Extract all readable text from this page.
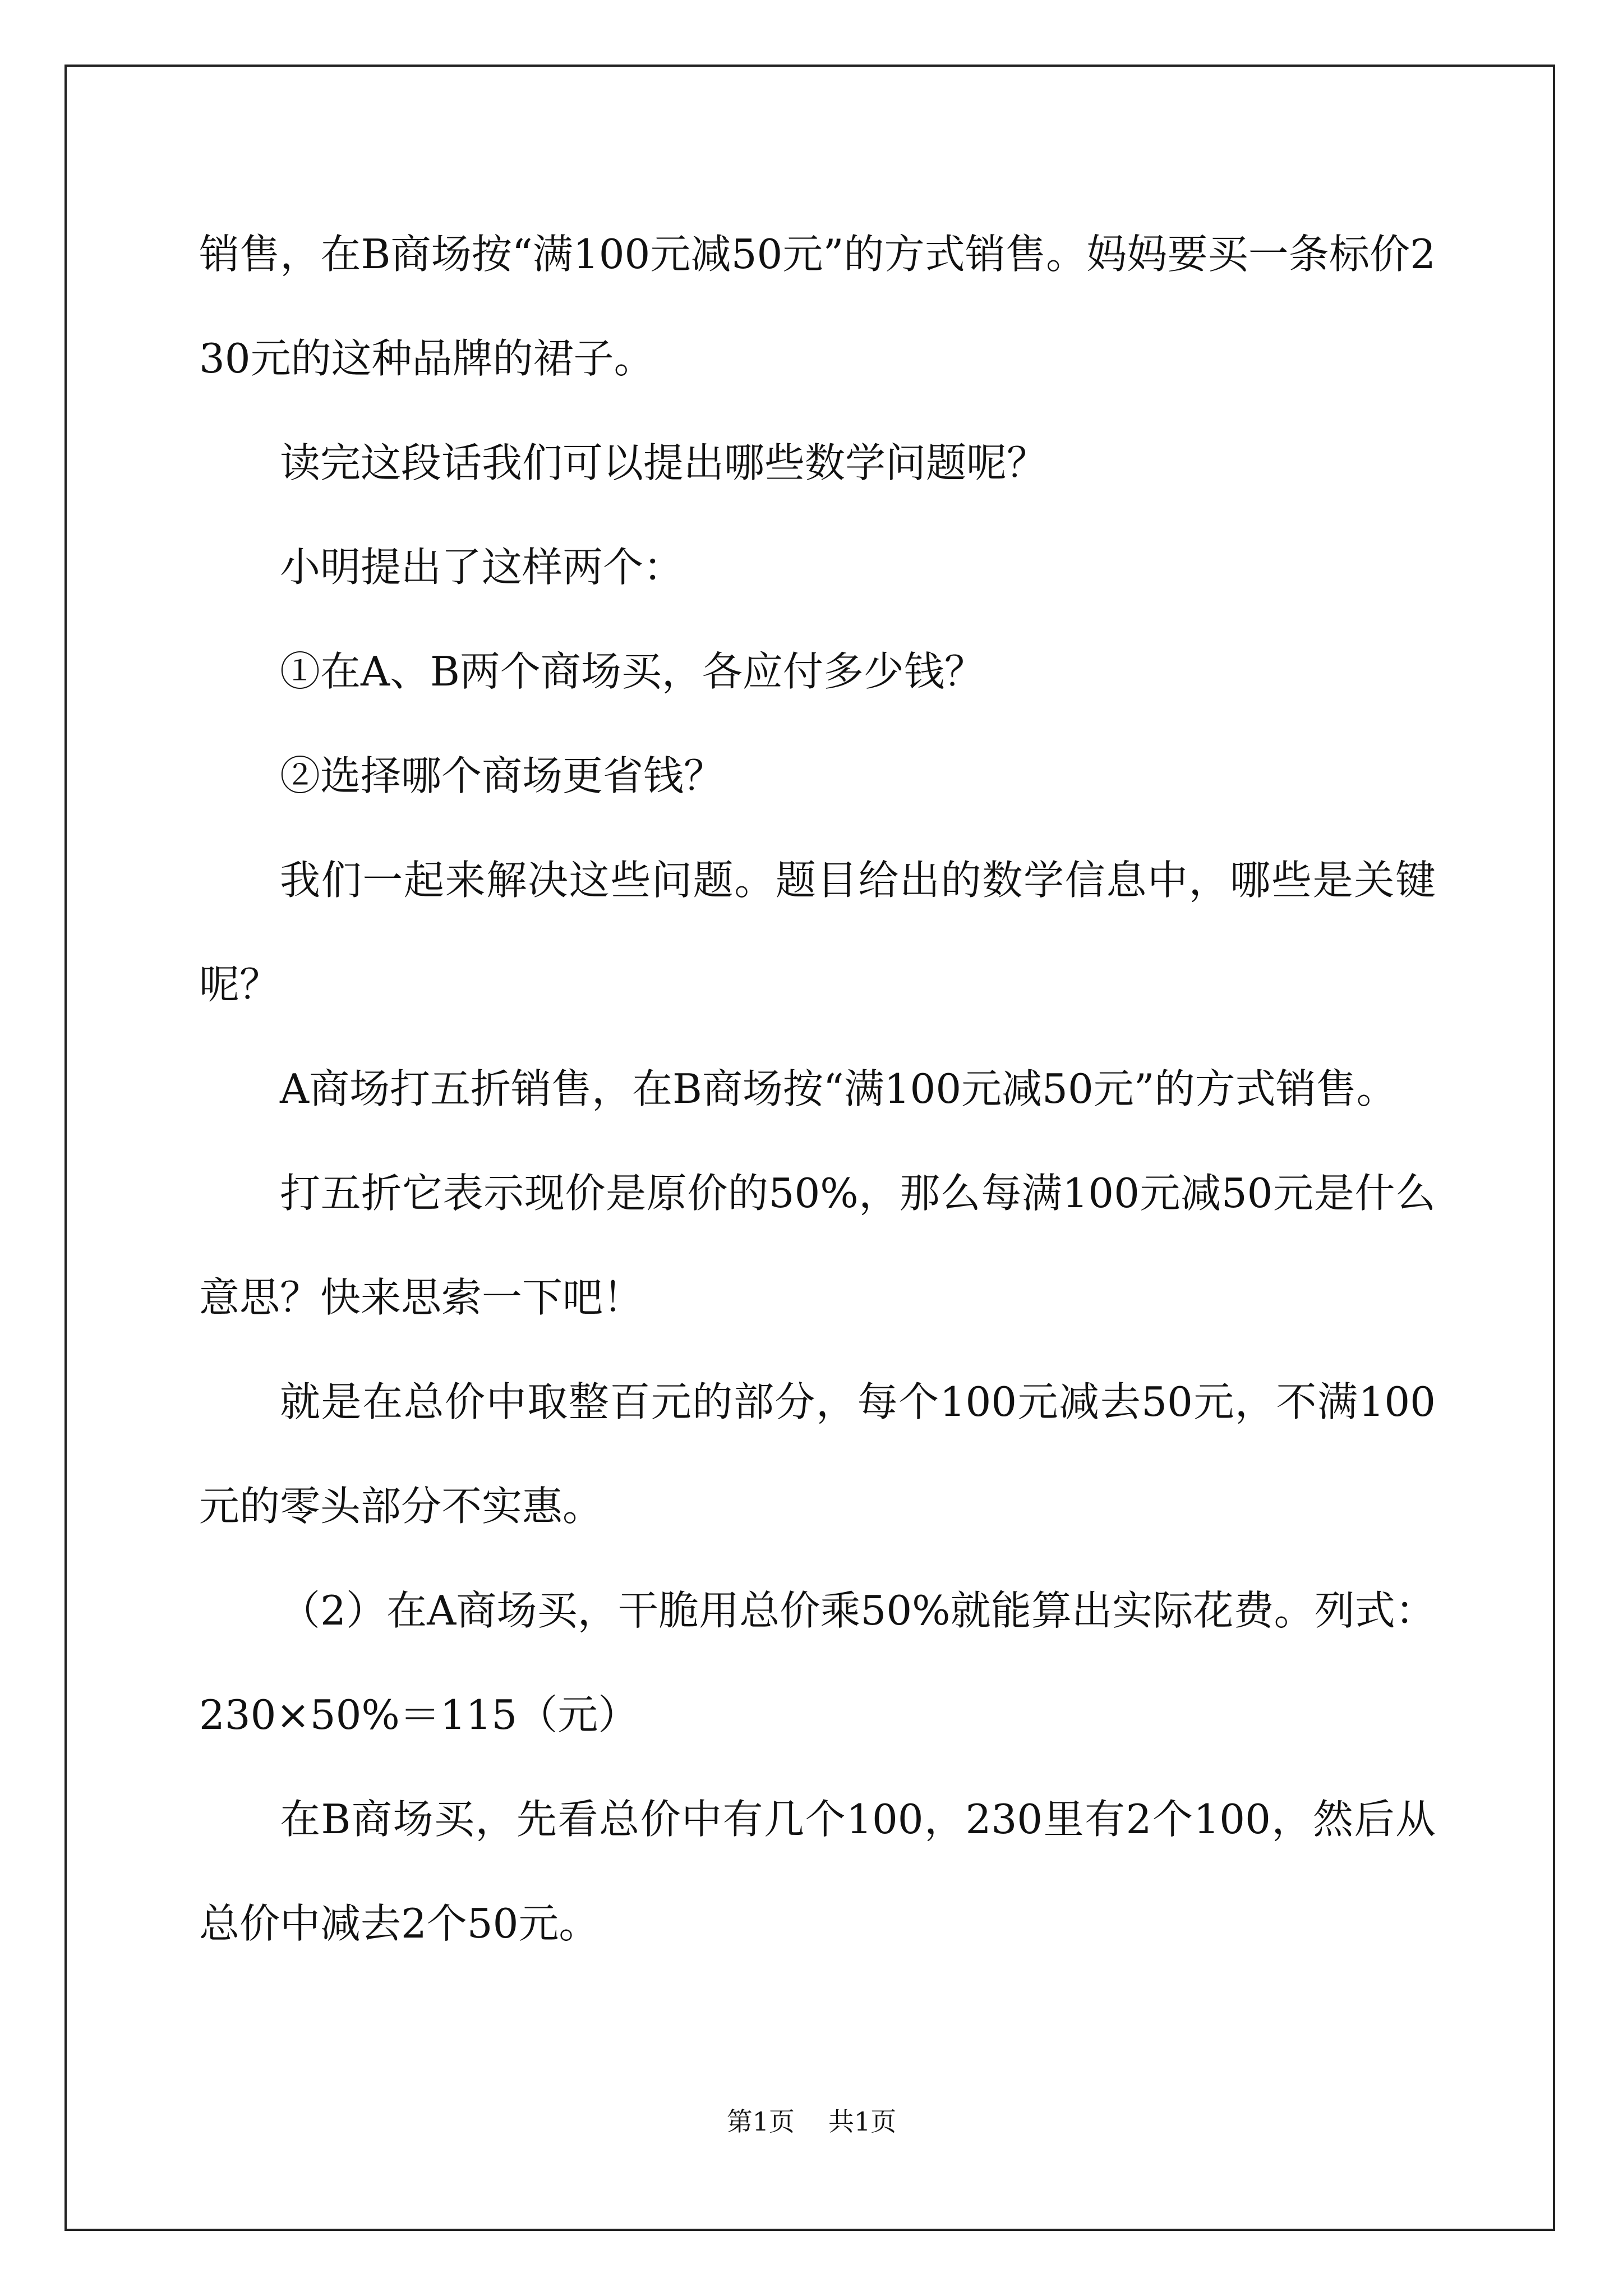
销售，在B商场按“满100元减50元”的方式销售。妈妈要买一条标价230元的这种品牌的裙子。

读完这段话我们可以提出哪些数学问题呢？

小明提出了这样两个：

①在A、B两个商场买，各应付多少钱？

②选择哪个商场更省钱？

我们一起来解决这些问题。题目给出的数学信息中，哪些是关键呢？

A商场打五折销售，在B商场按“满100元减50元”的方式销售。

打五折它表示现价是原价的50%，那么每满100元减50元是什么意思？快来思索一下吧！

就是在总价中取整百元的部分，每个100元减去50元，不满100元的零头部分不实惠。

（2）在A商场买，干脆用总价乘50%就能算出实际花费。列式：230×50%＝115（元）

在B商场买，先看总价中有几个100，230里有2个100，然后从总价中减去2个50元。

第1页 共1页
